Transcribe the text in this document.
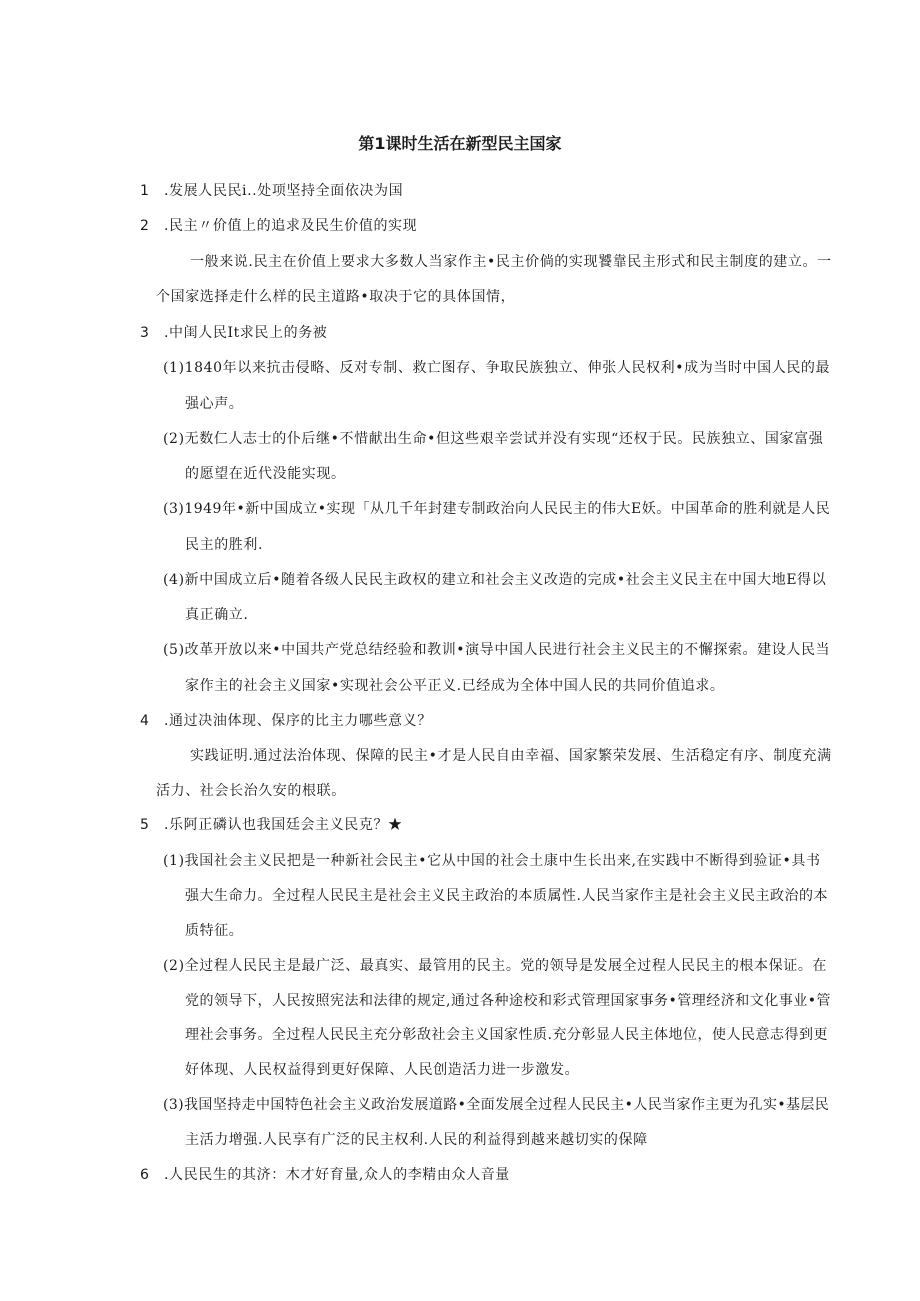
第1课时生活在新型民主国家
1 .发展人民民i..处项坚持全面依决为国
2 .民主〃价值上的追求及民生价值的实现
一般来说.民主在价值上要求大多数人当家作主•民主价倘的实现饕靠民主形式和民主制度的建立。一
个国家选择走什么样的民主道路•取决于它的具体国情，
3 .中闺人民It求民上的务被
(1)1840年以来抗击侵略、反对专制、救亡图存、争取民族独立、伸张人民权利•成为当时中国人民的最
强心声。
(2)无数仁人志士的仆后继•不惜献出生命•但这些艰辛尝试并没有实现“还权于民。民族独立、国家富强
的愿望在近代没能实现。
(3)1949年•新中国成立•实现「从几千年封建专制政治向人民民主的伟大E妖。中国革命的胜利就是人民
民主的胜利.
(4)新中国成立后•随着各级人民民主政权的建立和社会主义改造的完成•社会主义民主在中国大地E得以
真正确立.
(5)改革开放以来•中国共产党总结经验和教训•演导中国人民进行社会主义民主的不懈探索。建设人民当
家作主的社会主义国家•实现社会公平正义.已经成为全体中国人民的共同价值追求。
4 .通过决油体现、保序的比主力哪些意义？
实践证明.通过法治体现、保障的民主•才是人民自由幸福、国家繁荣发展、生活稳定有序、制度充满
活力、社会长治久安的根联。
5 .乐阿正磷认也我国廷会主义民克？★
(1)我国社会主义民把是一种新社会民主•它从中国的社会土康中生长出来,在实践中不断得到验证•具书
强大生命力。全过程人民民主是社会主义民主政治的本质属性.人民当家作主是社会主义民主政治的本
质特征。
(2)全过程人民民主是最广泛、最真实、最管用的民主。党的领导是发展全过程人民民主的根本保证。在
党的领导下，人民按照宪法和法律的规定,通过各种途校和彩式管理国家事务•管理经济和文化事业•管
理社会事务。全过程人民民主充分彰敌社会主义国家性质.充分彰显人民主体地位，使人民意志得到更
好体现、人民权益得到更好保障、人民创造活力进一步激发。
(3)我国坚持走中国特色社会主义政治发展道路•全面发展全过程人民民主•人民当家作主更为孔实•基层民
主活力增强.人民享有广泛的民主权利.人民的利益得到越来越切实的保障
6 .人民民生的其济：木才好育量,众人的李精由众人音量
